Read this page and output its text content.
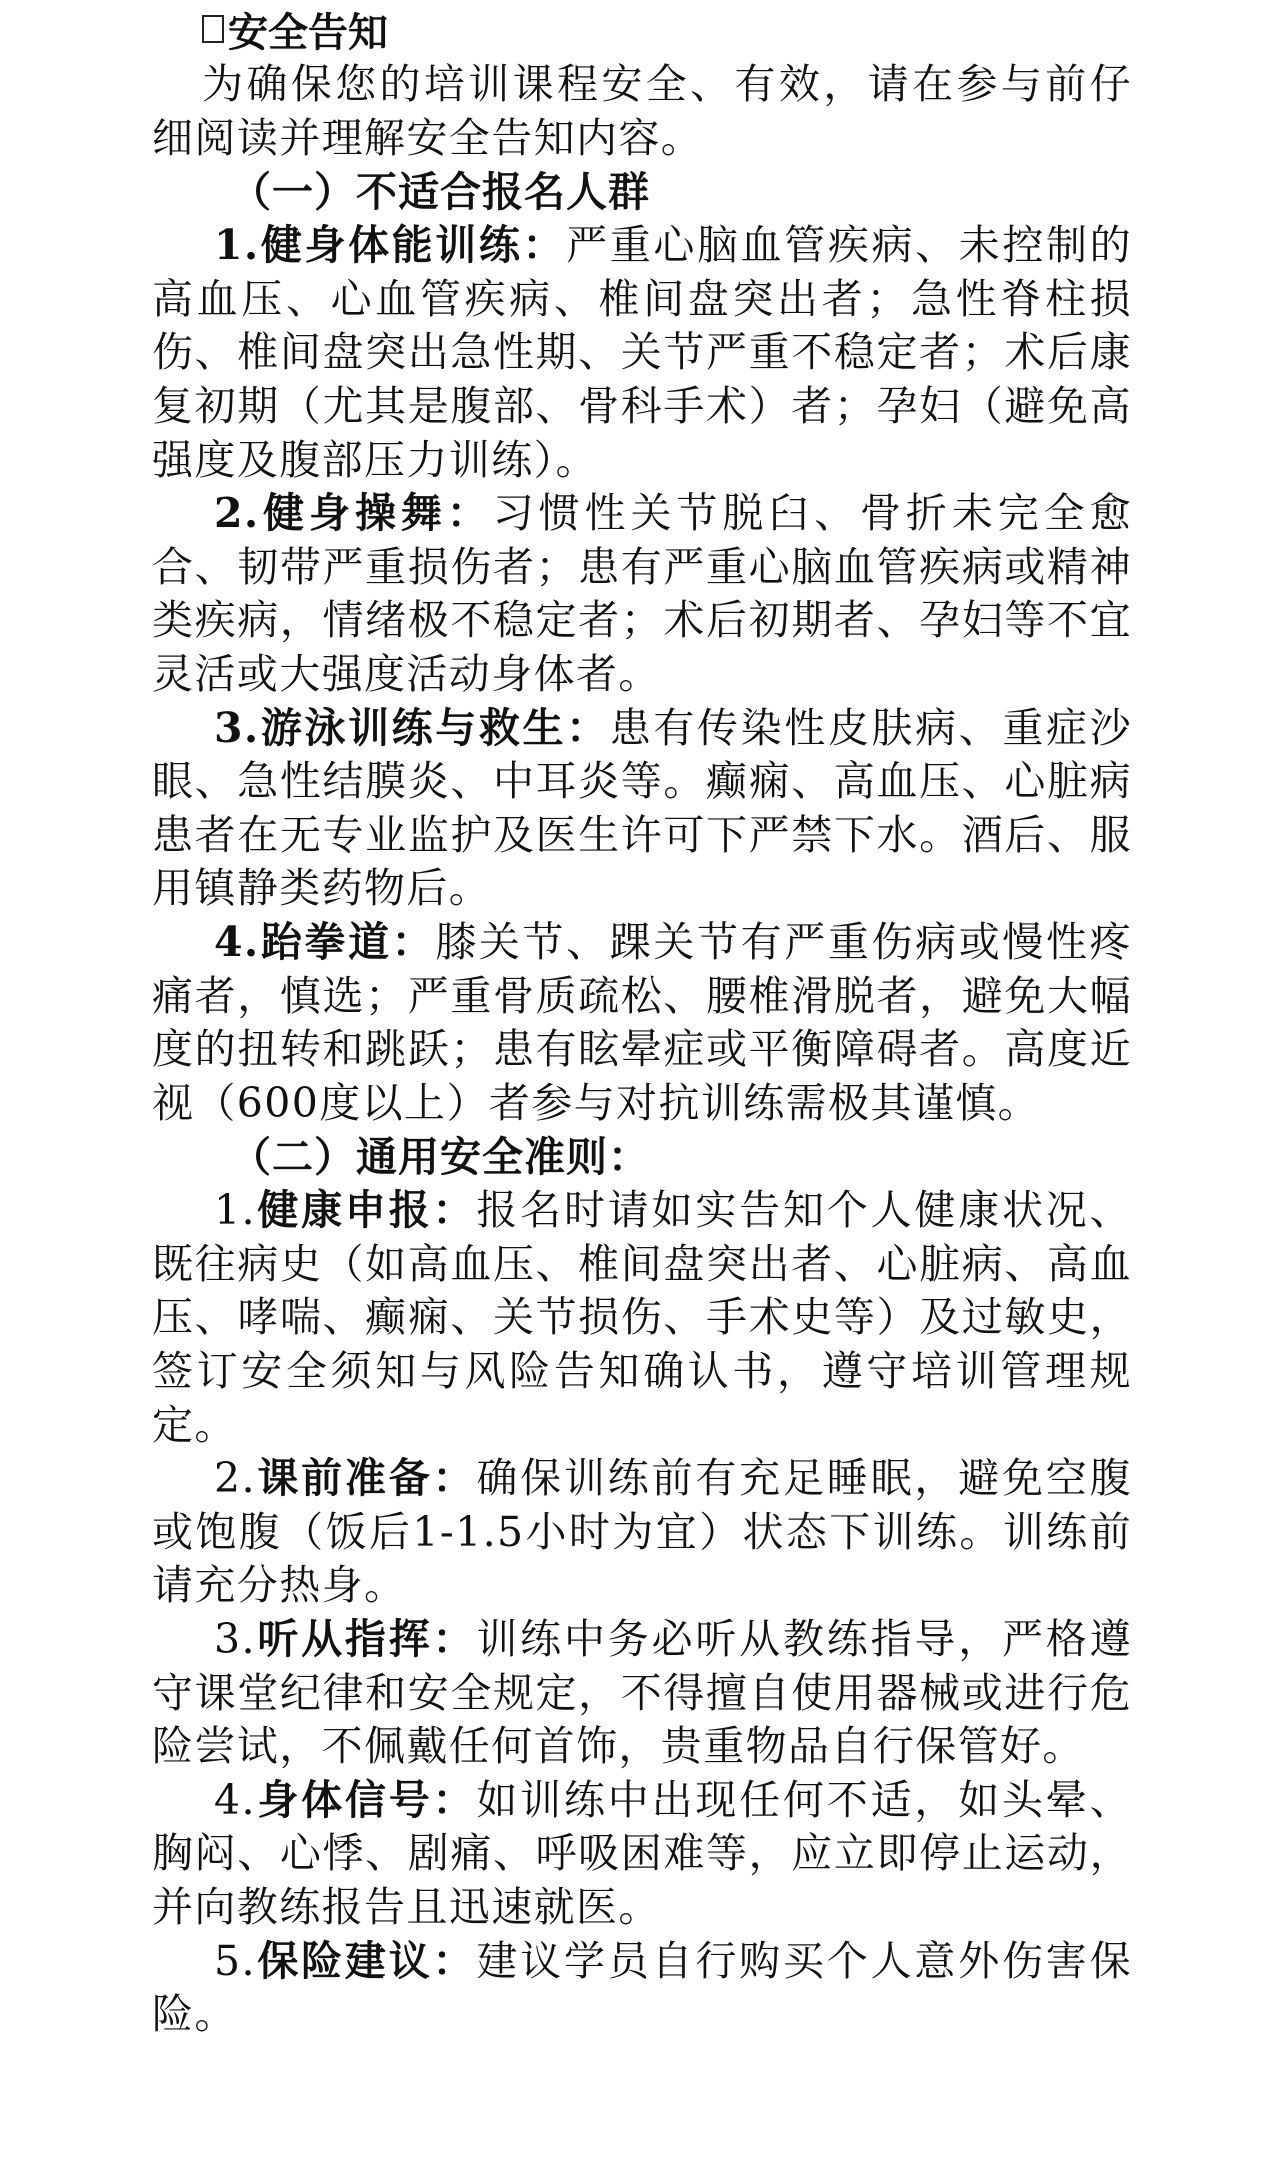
安全告知

为确保您的培训课程安全、有效，请在参与前仔细阅读并理解安全告知内容。

（一）不适合报名人群

1.健身体能训练：严重心脑血管疾病、未控制的高血压、心血管疾病、椎间盘突出者；急性脊柱损伤、椎间盘突出急性期、关节严重不稳定者；术后康复初期（尤其是腹部、骨科手术）者；孕妇（避免高强度及腹部压力训练）。

2.健身操舞：习惯性关节脱臼、骨折未完全愈合、韧带严重损伤者；患有严重心脑血管疾病或精神类疾病，情绪极不稳定者；术后初期者、孕妇等不宜灵活或大强度活动身体者。

3.游泳训练与救生：患有传染性皮肤病、重症沙眼、急性结膜炎、中耳炎等。癫痫、高血压、心脏病患者在无专业监护及医生许可下严禁下水。酒后、服用镇静类药物后。

4.跆拳道：膝关节、踝关节有严重伤病或慢性疼痛者，慎选；严重骨质疏松、腰椎滑脱者，避免大幅度的扭转和跳跃；患有眩晕症或平衡障碍者。高度近视（600度以上）者参与对抗训练需极其谨慎。

（二）通用安全准则：

1.健康申报：报名时请如实告知个人健康状况、既往病史（如高血压、椎间盘突出者、心脏病、高血压、哮喘、癫痫、关节损伤、手术史等）及过敏史，签订安全须知与风险告知确认书，遵守培训管理规定。

2.课前准备：确保训练前有充足睡眠，避免空腹或饱腹（饭后1-1.5小时为宜）状态下训练。训练前请充分热身。

3.听从指挥：训练中务必听从教练指导，严格遵守课堂纪律和安全规定，不得擅自使用器械或进行危险尝试，不佩戴任何首饰，贵重物品自行保管好。

4.身体信号：如训练中出现任何不适，如头晕、胸闷、心悸、剧痛、呼吸困难等，应立即停止运动，并向教练报告且迅速就医。

5.保险建议：建议学员自行购买个人意外伤害保险。
